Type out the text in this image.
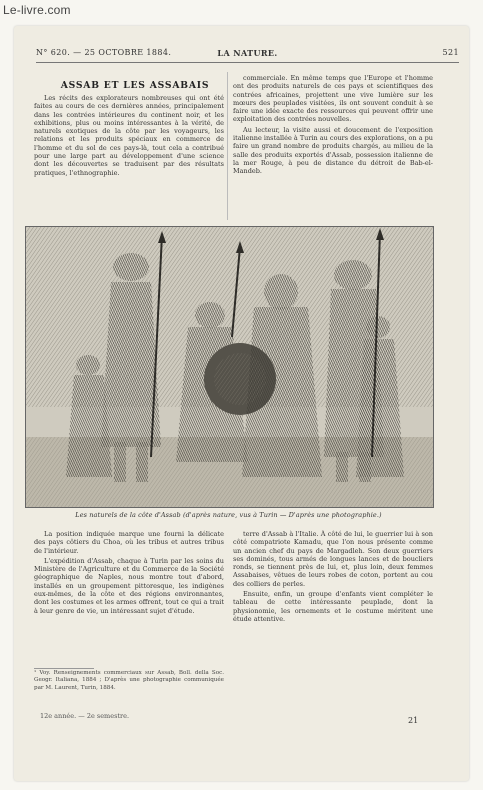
Le-livre.com
N° 620. — 25 OCTOBRE 1884.	LA NATURE.	521
ASSAB ET LES ASSABAIS

Les récits des explorateurs nombreuses qui ont été faites au cours de ces dernières années, principalement dans les contrées intérieures du continent noir, et les exhibitions, plus ou moins intéressantes à la vérité, de naturels exotiques de la côte par les voyageurs, les relations et les produits spéciaux en commerce de l'homme et du sol de ces pays-là, tout cela a contribué pour une large part au développement d'une science dont les découvertes se traduisent par des résultats pratiques, l'ethnographie.

commerciale. En même temps que l'Europe et l'homme ont des produits naturels de ces pays et scientifiques des contrées africaines, projettent une vive lumière sur les mœurs des peuplades visitées, ils ont souvent conduit à se faire une idée exacte des ressources qui peuvent offrir une exploitation des contrées nouvelles.

Au lecteur, la visite aussi et doucement de l'exposition italienne installée à Turin au cours des explorations, on a pu faire un grand nombre de produits chargés, au milieu de la salle des produits exportés d'Assab, possession italienne de la mer Rouge, à peu de distance du détroit de Bab-el-Mandeb.

Les naturels de la côte d'Assab (d'après nature, vus à Turin — D'après une photographie.)

La position indiquée marque une fourni la délicate des pays côtiers du Choa, où les tribus et autres tribus de l'intérieur.

L'expédition d'Assab, chaque à Turin par les soins du Ministère de l'Agriculture et du Commerce de la Société géographique de Naples, nous montre tout d'abord, installés en un groupement pittoresque, les indigènes eux-mêmes, de la côte et des régions environnantes, dont les costumes et les armes offrent, tout ce qui a trait à leur genre de vie, un intéressant sujet d'étude.

¹ Voy. Renseignements commerciaux sur Assab, Boll. della Soc. Geogr. Italiana, 1884 ; D'après une photographie communiquée par M. Laurent, Turin, 1884.

terre d'Assab à l'Italie. À côté de lui, le guerrier lui à son côté compatriote Kamadu, que l'on nous présente comme un ancien chef du pays de Margadleh. Son deux guerriers ses dominés, tous armés de longues lances et de boucliers ronds, se tiennent près de lui, et, plus loin, deux femmes Assabaises, vêtues de leurs robes de coton, portent au cou des colliers de perles.

Ensuite, enfin, un groupe d'enfants vient compléter le tableau de cette intéressante peuplade, dont la physionomie, les ornements et le costume méritent une étude attentive.

12e année. — 2e semestre.	21
